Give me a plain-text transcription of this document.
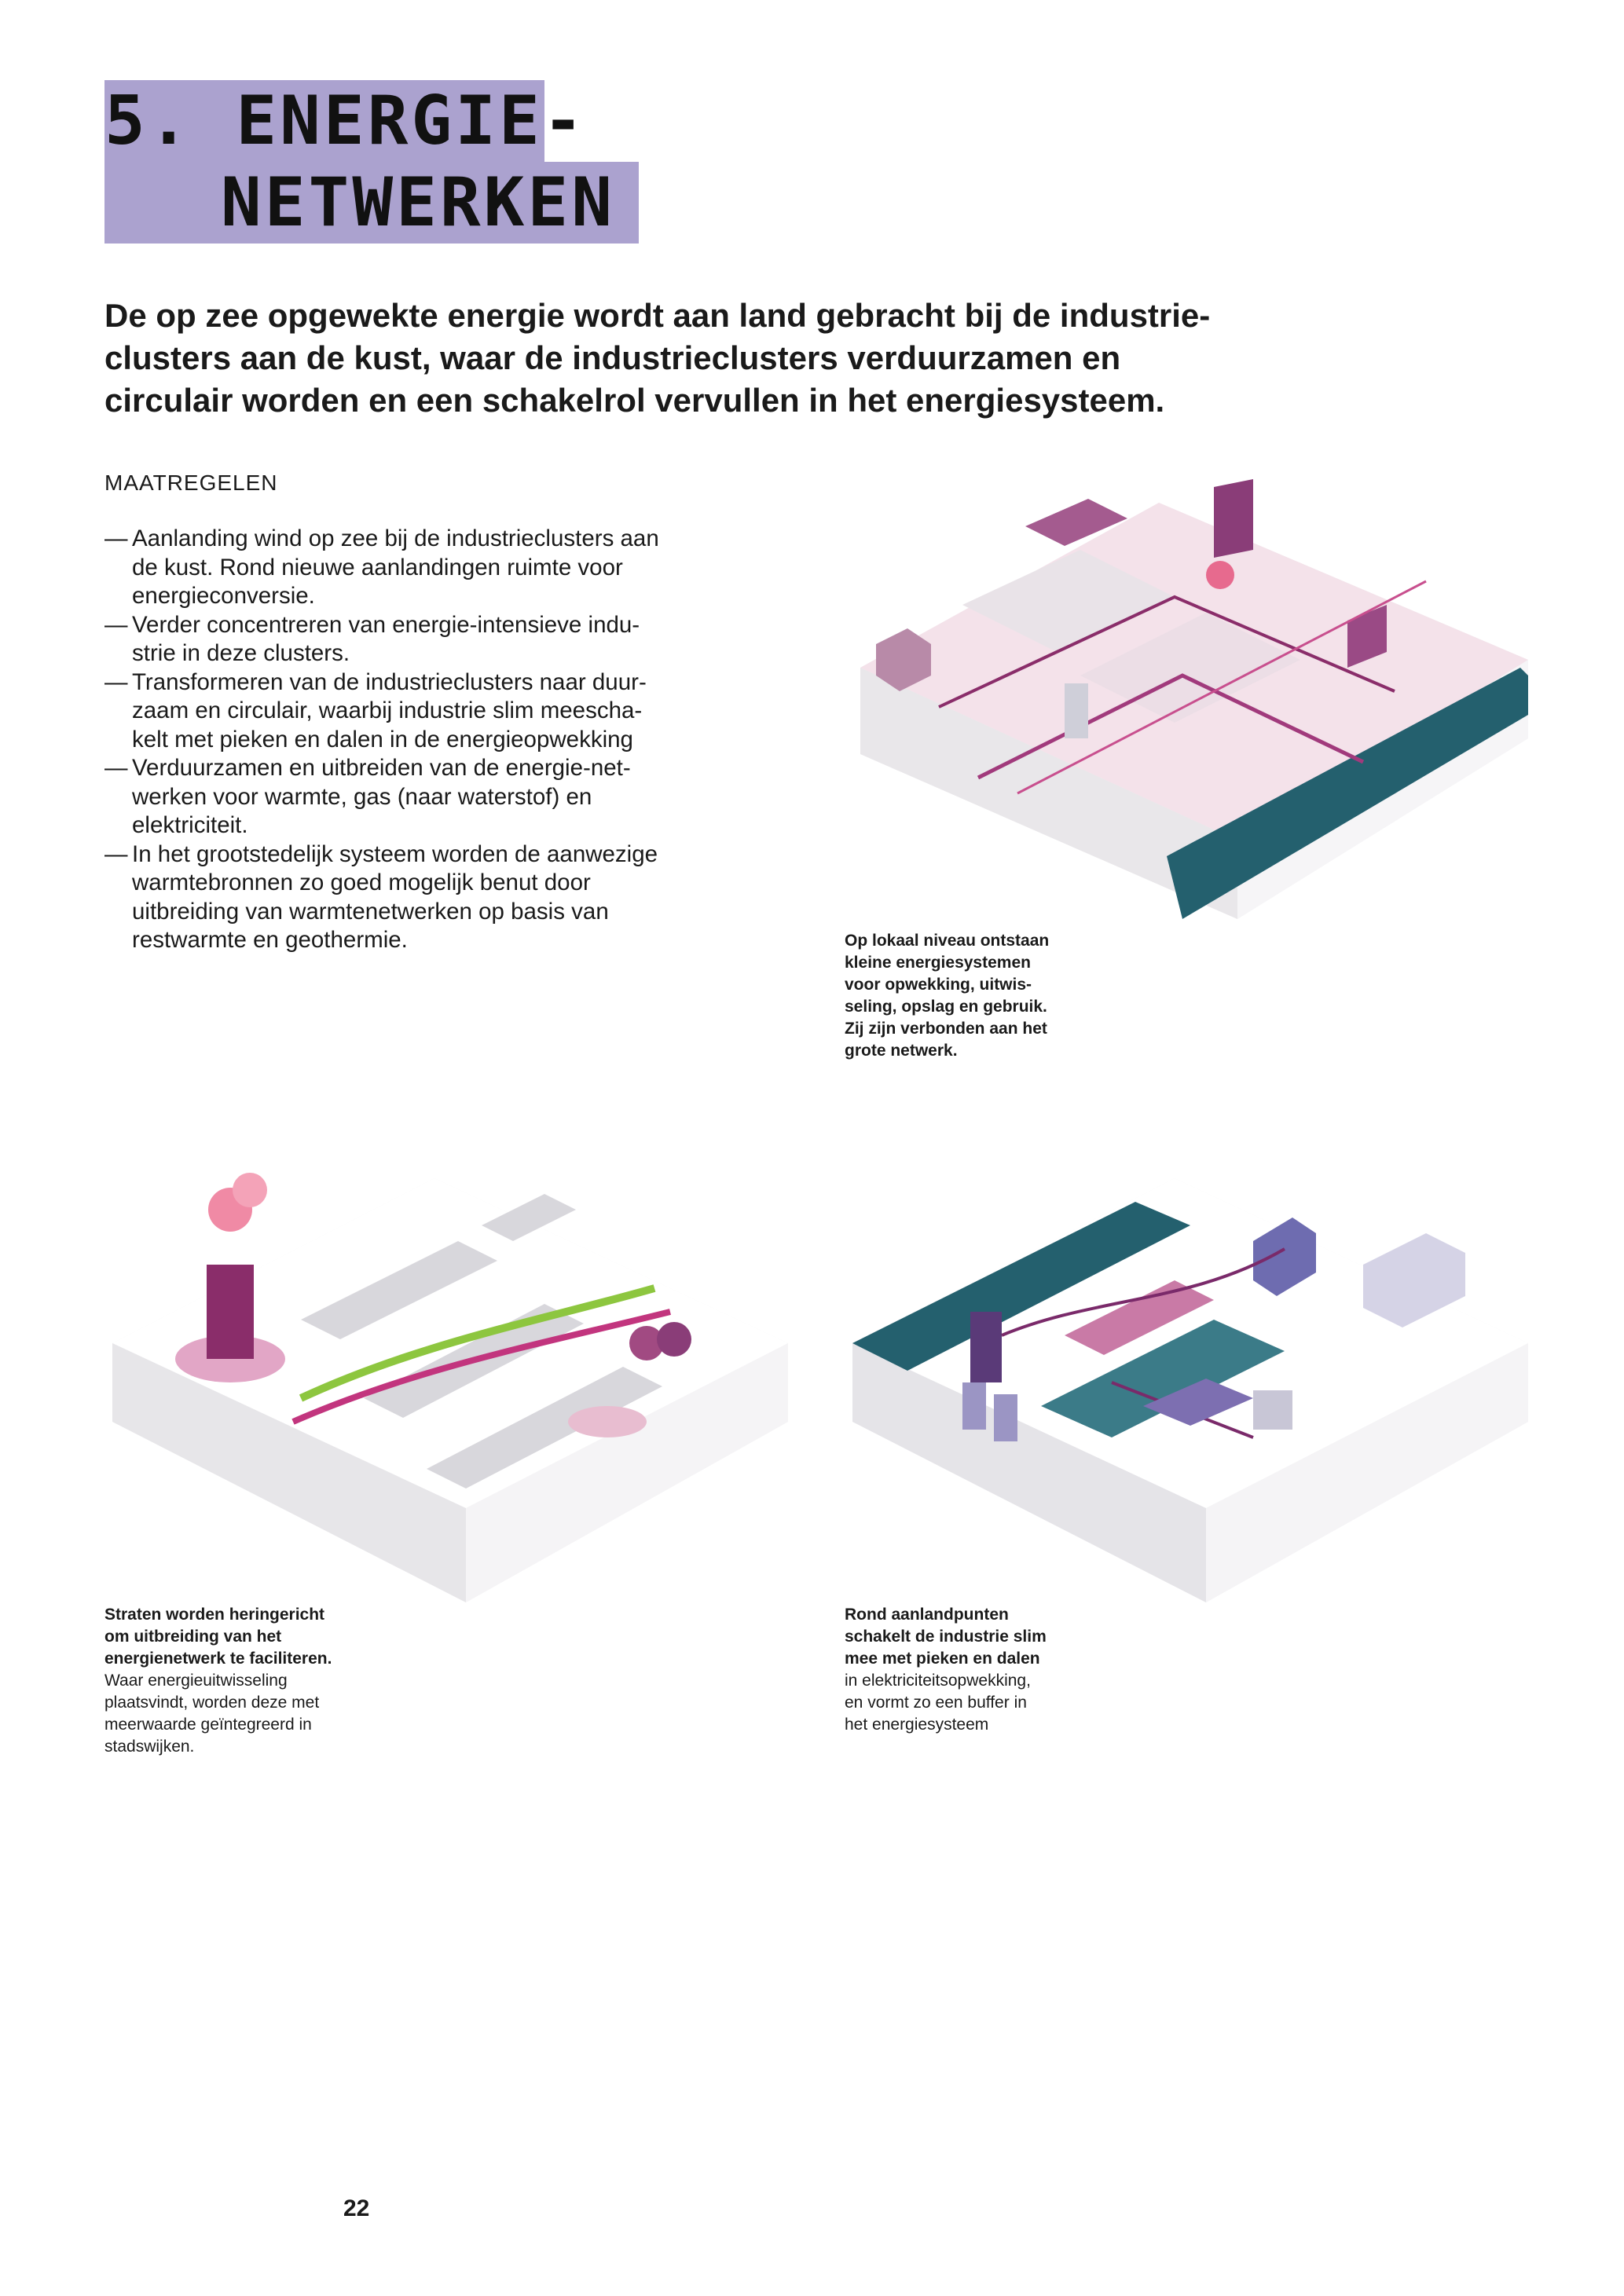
5. ENERGIE-
NETWERKEN
De op zee opgewekte energie wordt aan land gebracht bij de industrie-
clusters aan de kust, waar de industrieclusters verduurzamen en
circulair worden en een schakelrol vervullen in het energiesysteem.
MAATREGELEN
— Aanlanding wind op zee bij de industrieclusters aan
de kust. Rond nieuwe aanlandingen ruimte voor
energieconversie.
— Verder concentreren van energie-intensieve indu-
strie in deze clusters.
— Transformeren van de industrieclusters naar duur-
zaam en circulair, waarbij industrie slim meescha-
kelt met pieken en dalen in de energieopwekking
— Verduurzamen en uitbreiden van de energie-net-
werken voor warmte, gas (naar waterstof) en
elektriciteit.
— In het grootstedelijk systeem worden de aanwezige
warmtebronnen zo goed mogelijk benut door
uitbreiding van warmtenetwerken op basis van
restwarmte en geothermie.	Op lokaal niveau ontstaan
kleine energiesystemen
voor opwekking, uitwis-
seling, opslag en gebruik.
Zij zijn verbonden aan het
grote netwerk.
Straten worden heringericht
om uitbreiding van het
energienetwerk te faciliteren.
Waar energieuitwisseling
plaatsvindt, worden deze met
meerwaarde geïntegreerd in
stadswijken.
Rond aanlandpunten
schakelt de industrie slim
mee met pieken en dalen
in elektriciteitsopwekking,
en vormt zo een buffer in
het energiesysteem
22
